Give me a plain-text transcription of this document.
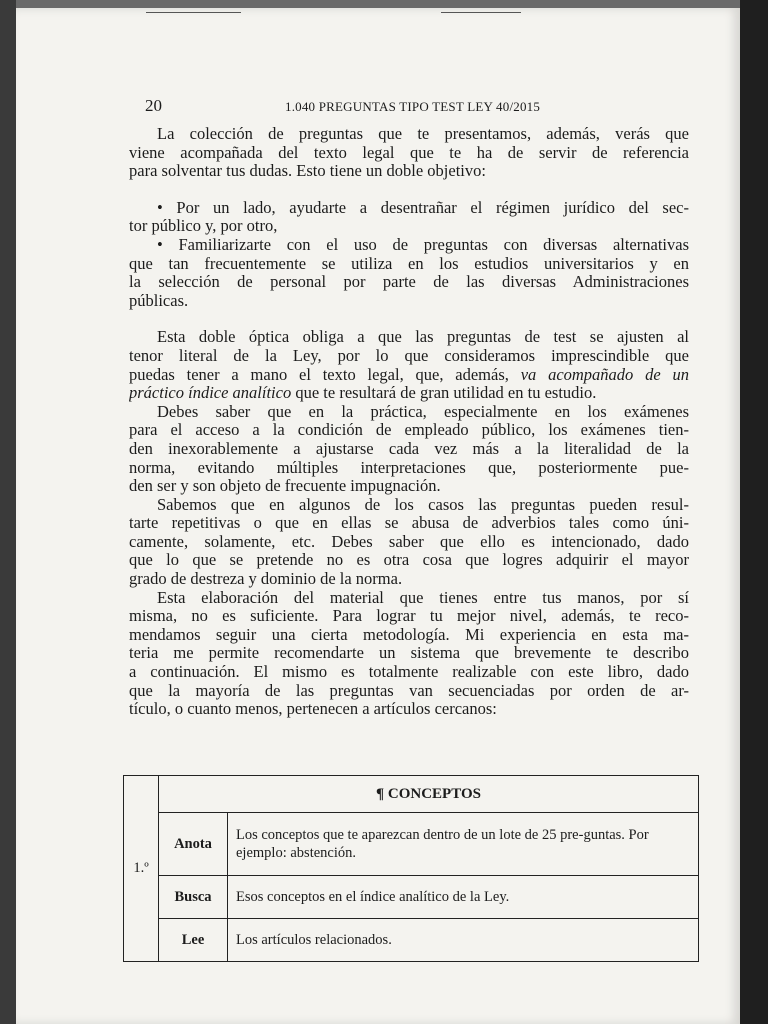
20	1.040 PREGUNTAS TIPO TEST LEY 40/2015
La colección de preguntas que te presentamos, además, verás que
viene acompañada del texto legal que te ha de servir de referencia
para solventar tus dudas. Esto tiene un doble objetivo:
• Por un lado, ayudarte a desentrañar el régimen jurídico del sec-
tor público y, por otro,
• Familiarizarte con el uso de preguntas con diversas alternativas
que tan frecuentemente se utiliza en los estudios universitarios y en
la selección de personal por parte de las diversas Administraciones
públicas.
Esta doble óptica obliga a que las preguntas de test se ajusten al
tenor literal de la Ley, por lo que consideramos imprescindible que
puedas tener a mano el texto legal, que, además, va acompañado de un
práctico índice analítico que te resultará de gran utilidad en tu estudio.
Debes saber que en la práctica, especialmente en los exámenes
para el acceso a la condición de empleado público, los exámenes tien-
den inexorablemente a ajustarse cada vez más a la literalidad de la
norma, evitando múltiples interpretaciones que, posteriormente pue-
den ser y son objeto de frecuente impugnación.
Sabemos que en algunos de los casos las preguntas pueden resul-
tarte repetitivas o que en ellas se abusa de adverbios tales como úni-
camente, solamente, etc. Debes saber que ello es intencionado, dado
que lo que se pretende no es otra cosa que logres adquirir el mayor
grado de destreza y dominio de la norma.
Esta elaboración del material que tienes entre tus manos, por sí
misma, no es suficiente. Para lograr tu mejor nivel, además, te reco-
mendamos seguir una cierta metodología. Mi experiencia en esta ma-
teria me permite recomendarte un sistema que brevemente te describo
a continuación. El mismo es totalmente realizable con este libro, dado
que la mayoría de las preguntas van secuenciadas por orden de ar-
tículo, o cuanto menos, pertenecen a artículos cercanos:
1.º	¶ CONCEPTOS	
	Anota	Los conceptos que te aparezcan dentro de un lote de 25 pre-guntas. Por ejemplo: abstención.
	Busca	Esos conceptos en el índice analítico de la Ley.
	Lee	Los artículos relacionados.
